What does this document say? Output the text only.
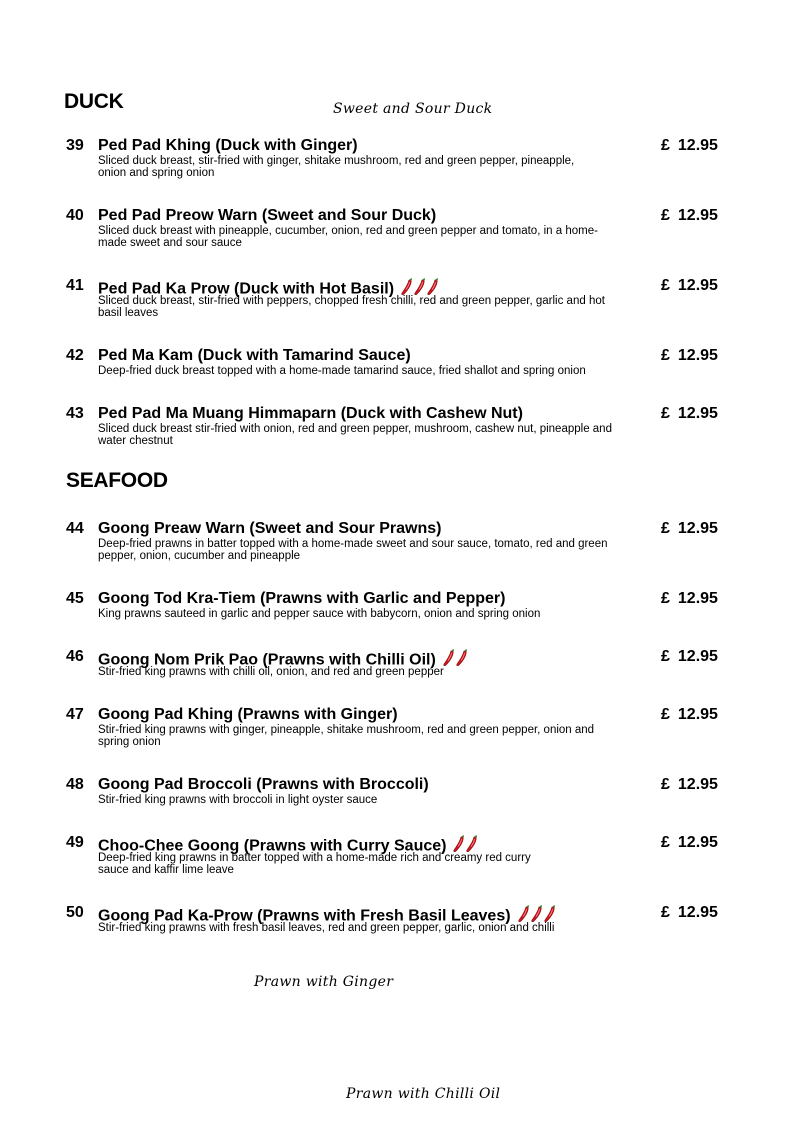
DUCK	Sweet and Sour Duck
39 Ped Pad Khing (Duck with Ginger)	£ 12.95
Sliced duck breast, stir-fried with ginger, shitake mushroom, red and green pepper, pineapple, onion and spring onion
40 Ped Pad Preow Warn (Sweet and Sour Duck)	£ 12.95
Sliced duck breast with pineapple, cucumber, onion, red and green pepper and tomato, in a home-made sweet and sour sauce
41 Ped Pad Ka Prow (Duck with Hot Basil)	£ 12.95
Sliced duck breast, stir-fried with peppers, chopped fresh chilli, red and green pepper, garlic and hot basil leaves
42 Ped Ma Kam (Duck with Tamarind Sauce)	£ 12.95
Deep-fried duck breast topped with a home-made tamarind sauce, fried shallot and spring onion
43 Ped Pad Ma Muang Himmaparn (Duck with Cashew Nut)	£ 12.95
Sliced duck breast stir-fried with onion, red and green pepper, mushroom, cashew nut, pineapple and water chestnut
SEAFOOD
44 Goong Preaw Warn (Sweet and Sour Prawns)	£ 12.95
Deep-fried prawns in batter topped with a home-made sweet and sour sauce, tomato, red and green pepper, onion, cucumber and pineapple
45 Goong Tod Kra-Tiem (Prawns with Garlic and Pepper)	£ 12.95
King prawns sauteed in garlic and pepper sauce with babycorn, onion and spring onion
46 Goong Nom Prik Pao (Prawns with Chilli Oil)	£ 12.95
Stir-fried king prawns with chilli oil, onion, and red and green pepper
47 Goong Pad Khing (Prawns with Ginger)	£ 12.95
Stir-fried king prawns with ginger, pineapple, shitake mushroom, red and green pepper, onion and spring onion
48 Goong Pad Broccoli (Prawns with Broccoli)	£ 12.95
Stir-fried king prawns with broccoli in light oyster sauce
49 Choo-Chee Goong (Prawns with Curry Sauce)	£ 12.95
Deep-fried king prawns in batter topped with a home-made rich and creamy red curry sauce and kaffir lime leave
50 Goong Pad Ka-Prow (Prawns with Fresh Basil Leaves)	£ 12.95
Stir-fried king prawns with fresh basil leaves, red and green pepper, garlic, onion and chilli
Prawn with Ginger
Prawn with Chilli Oil
